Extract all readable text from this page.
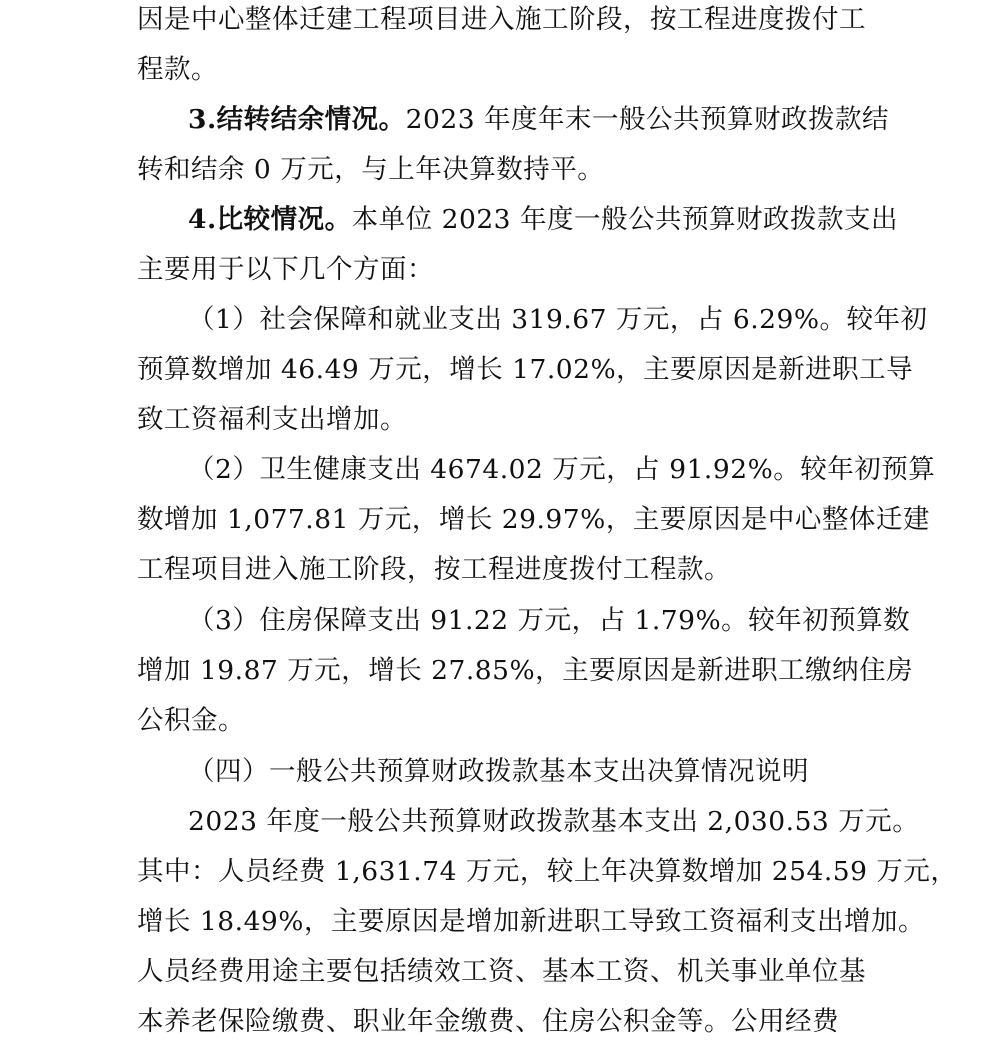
因是中心整体迁建工程项目进入施工阶段，按工程进度拨付工
程款。
3.结转结余情况。2023 年度年末一般公共预算财政拨款结
转和结余 0 万元，与上年决算数持平。
4.比较情况。本单位 2023 年度一般公共预算财政拨款支出
主要用于以下几个方面：
（1）社会保障和就业支出 319.67 万元，占 6.29%。较年初
预算数增加 46.49 万元，增长 17.02%，主要原因是新进职工导
致工资福利支出增加。
（2）卫生健康支出 4674.02 万元，占 91.92%。较年初预算
数增加 1,077.81 万元，增长 29.97%，主要原因是中心整体迁建
工程项目进入施工阶段，按工程进度拨付工程款。
（3）住房保障支出 91.22 万元，占 1.79%。较年初预算数
增加 19.87 万元，增长 27.85%，主要原因是新进职工缴纳住房
公积金。
（四）一般公共预算财政拨款基本支出决算情况说明
2023 年度一般公共预算财政拨款基本支出 2,030.53 万元。
其中：人员经费 1,631.74 万元，较上年决算数增加 254.59 万元，
增长 18.49%，主要原因是增加新进职工导致工资福利支出增加。
人员经费用途主要包括绩效工资、基本工资、机关事业单位基
本养老保险缴费、职业年金缴费、住房公积金等。公用经费
